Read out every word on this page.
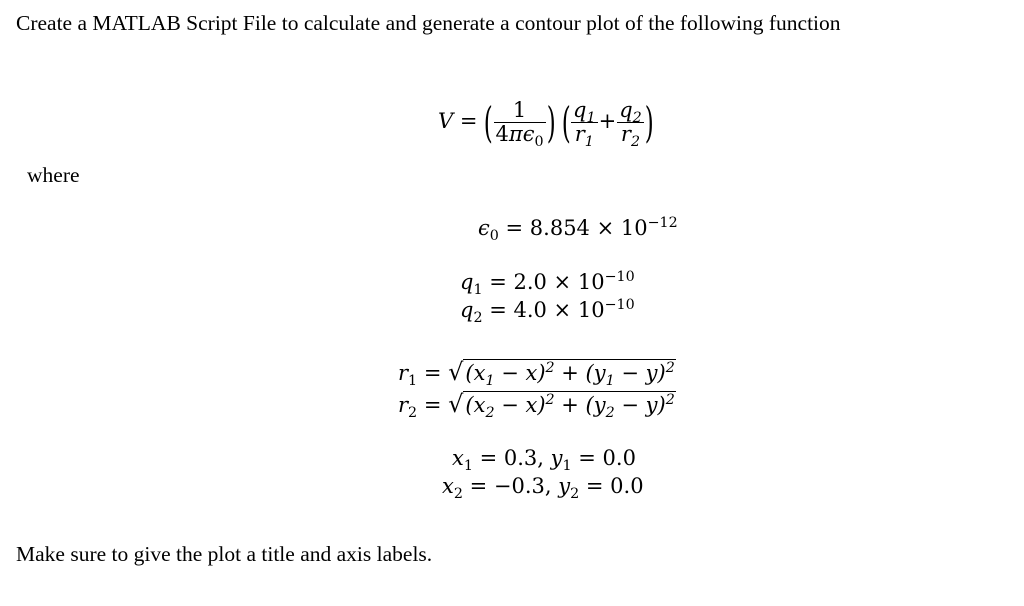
Create a MATLAB Script File to calculate and generate a contour plot of the following function
V = ( $\frac{1}{4\pi\epsilon_0}$ ) ( $\frac{q_1}{r_1} + \frac{q_2}{r_2}$ )
where
$\epsilon_0 = 8.854 \times 10^{-12}$
$q_1 = 2.0 \times 10^{-10}$
$q_2 = 4.0 \times 10^{-10}$
$r_1 = √(x_1 - x)^2 + (y_1 - y)^2$
$r_2 = √(x_2 - x)^2 + (y_2 - y)^2$
$x_1 = 0.3$, $y_1 = 0.0$
$x_2 = -0.3$, $y_2 = 0.0$
Make sure to give the plot a title and axis labels.
